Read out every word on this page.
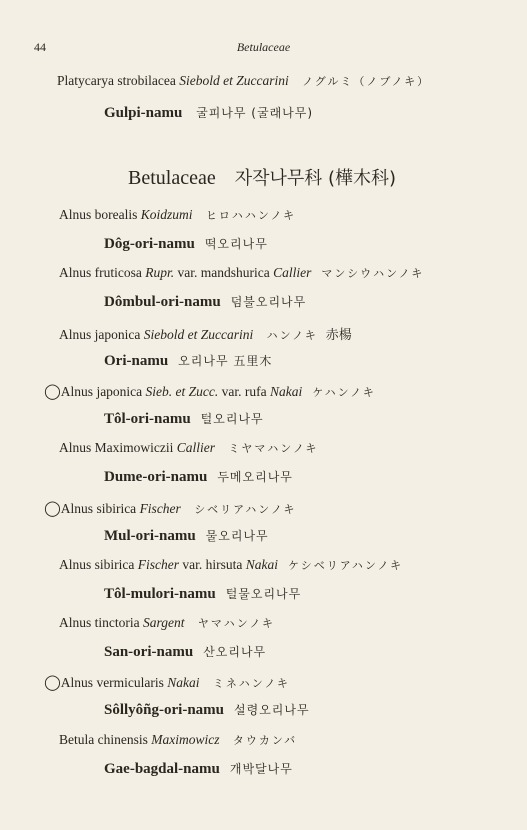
44	Betulaceae
Platycarya strobilacea Siebold et Zuccarini ノグルミ（ノブノキ）
Gulpi-namu 굴피나무 (굴래나무)
Betulaceae 자작나무科 (樺木科)
Alnus borealis Koidzumi ヒロハハンノキ
Dôg-ori-namu 떡오리나무
Alnus fruticosa Rupr. var. mandshurica Callier マンシウハンノキ
Dômbul-ori-namu 덤불오리나무
Alnus japonica Siebold et Zuccarini ハンノキ 赤楊
Ori-namu 오리나무 五里木
◯Alnus japonica Sieb. et Zucc. var. rufa Nakai ケハンノキ
Tôl-ori-namu 털오리나무
Alnus Maximowiczii Callier ミヤマハンノキ
Dume-ori-namu 두메오리나무
◯Alnus sibirica Fischer シベリアハンノキ
Mul-ori-namu 물오리나무
Alnus sibirica Fischer var. hirsuta Nakai ケシベリアハンノキ
Tôl-mulori-namu 털물오리나무
Alnus tinctoria Sargent ヤマハンノキ
San-ori-namu 산오리나무
◯Alnus vermicularis Nakai ミネハンノキ
Sôllyôñg-ori-namu 설령오리나무
Betula chinensis Maximowicz タウカンバ
Gae-bagdal-namu 개박달나무
